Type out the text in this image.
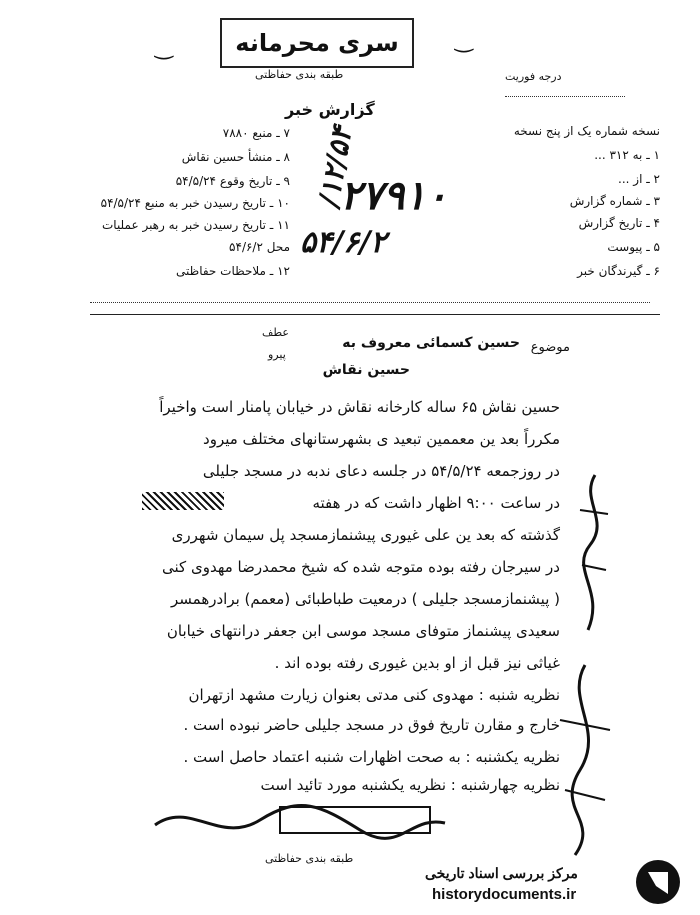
سری محرمانه
طبقه بندی حفاظتی	درجه فوریت
‿	‿
گزارش خبر
نسخه شماره یک از پنج نسخه
۱ ـ به ۳۱۲ ...
۲ ـ از ...
۳ ـ شماره گزارش
۴ ـ تاریخ گزارش
۵ ـ پیوست
۶ ـ گیرندگان خبر
۷ ـ منبع ۷۸۸۰
۸ ـ منشأ حسین نقاش
۹ ـ تاریخ وقوع ۵۴/۵/۲۴
۱۰ ـ تاریخ رسیدن خبر به منبع ۵۴/۵/۲۴
۱۱ ـ تاریخ رسیدن خبر به رهبر عملیات
محل ۵۴/۶/۲
۱۲ ـ ملاحظات حفاظتی
۲۷۹۱۰
۱۲/۵۴/
۵۴/۶/۲
موضوع
حسین کسمائی معروف به
حسین نقاش
عطف
پیرو
حسین نقاش ۶۵ ساله کارخانه نقاش در خیابان پامنار است واخیراً
مکرراً بعد ین معممین تبعید ی بشهرستانهای مختلف میرود
در روزجمعه ۵۴/۵/۲۴ در جلسه دعای ندبه در مسجد جلیلی
در ساعت ۹:۰۰ اظهار داشت که در هفته
گذشته که بعد ین علی غیوری پیشنمازمسجد پل سیمان شهرری
در سیرجان رفته بوده متوجه شده که شیخ محمدرضا مهدوی کنی
( پیشنمازمسجد جلیلی ) درمعیت طباطبائی (معمم) برادرهمسر
سعیدی پیشنماز متوفای مسجد موسی ابن جعفر درانتهای خیابان
غیاثی نیز قبل از او بدین غیوری رفته بوده اند .
نظریه شنبه : مهدوی کنی مدتی بعنوان زیارت مشهد ازتهران
خارج و مقارن تاریخ فوق در مسجد جلیلی حاضر نبوده است .
نظریه یکشنبه : به صحت اظهارات شنبه اعتماد حاصل است .
نظریه چهارشنبه : نظریه یکشنبه مورد تائید است
طبقه بندی حفاظتی
مرکز بررسی اسناد تاریخی
historydocuments.ir
